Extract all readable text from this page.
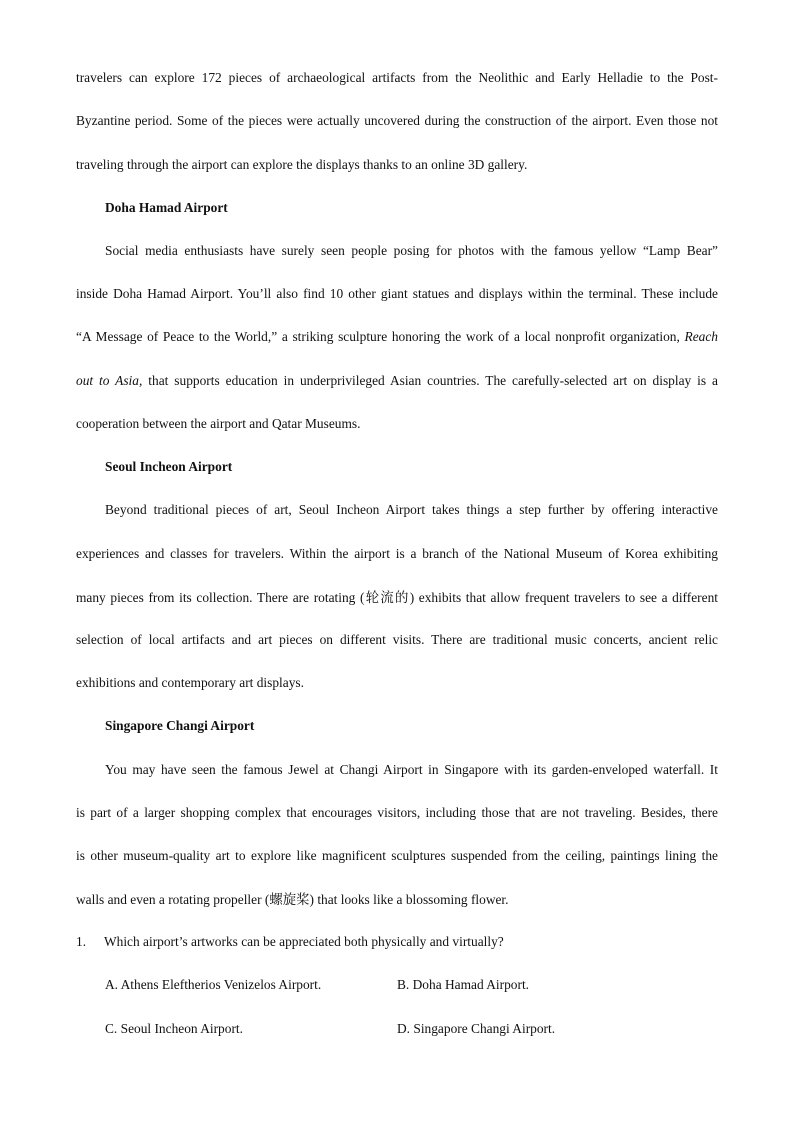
travelers can explore 172 pieces of archaeological artifacts from the Neolithic and Early Helladie to the Post-
Byzantine period. Some of the pieces were actually uncovered during the construction of the airport. Even those not
traveling through the airport can explore the displays thanks to an online 3D gallery.
Doha Hamad Airport
Social media enthusiasts have surely seen people posing for photos with the famous yellow “Lamp Bear”
inside Doha Hamad Airport. You’ll also find 10 other giant statues and displays within the terminal. These include
“A Message of Peace to the World,” a striking sculpture honoring the work of a local nonprofit organization, Reach
out to Asia, that supports education in underprivileged Asian countries. The carefully-selected art on display is a
cooperation between the airport and Qatar Museums.
Seoul Incheon Airport
Beyond traditional pieces of art, Seoul Incheon Airport takes things a step further by offering interactive
experiences and classes for travelers. Within the airport is a branch of the National Museum of Korea exhibiting
many pieces from its collection. There are rotating (轮流的) exhibits that allow frequent travelers to see a different
selection of local artifacts and art pieces on different visits. There are traditional music concerts, ancient relic
exhibitions and contemporary art displays.
Singapore Changi Airport
You may have seen the famous Jewel at Changi Airport in Singapore with its garden-enveloped waterfall. It
is part of a larger shopping complex that encourages visitors, including those that are not traveling. Besides, there
is other museum-quality art to explore like magnificent sculptures suspended from the ceiling, paintings lining the
walls and even a rotating propeller (螺旋桨) that looks like a blossoming flower.
1.	Which airport’s artworks can be appreciated both physically and virtually?
A. Athens Eleftherios Venizelos Airport.	B. Doha Hamad Airport.
C. Seoul Incheon Airport.	D. Singapore Changi Airport.
